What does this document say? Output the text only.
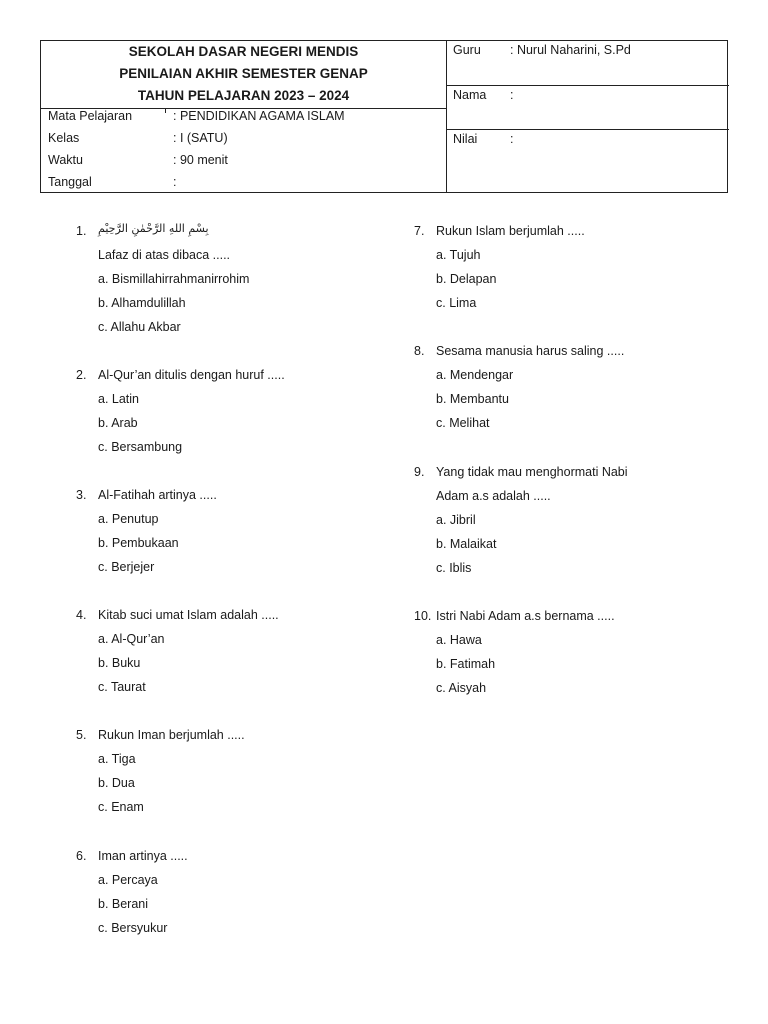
SEKOLAH DASAR NEGERI MENDIS
PENILAIAN AKHIR SEMESTER GENAP
TAHUN PELAJARAN 2023 – 2024
Mata Pelajaran	: PENDIDIKAN AGAMA ISLAM
Kelas	: I (SATU)
Waktu	: 90 menit
Tanggal	:
Guru : Nurul Naharini, S.Pd
Nama :
Nilai	:
1. بِسْمِ اللهِ الرَّحْمٰنِ الرَّحِيْمِ
Lafaz di atas dibaca .....
a. Bismillahirrahmanirrohim
b. Alhamdulillah
c. Allahu Akbar
2. Al-Qur’an ditulis dengan huruf .....
a. Latin
b. Arab
c. Bersambung
3. Al-Fatihah artinya .....
a. Penutup
b. Pembukaan
c. Berjejer
4. Kitab suci umat Islam adalah .....
a. Al-Qur’an
b. Buku
c. Taurat
5. Rukun Iman berjumlah .....
a. Tiga
b. Dua
c. Enam
6. Iman artinya .....
a. Percaya
b. Berani
c. Bersyukur
7. Rukun Islam berjumlah .....
a. Tujuh
b. Delapan
c. Lima
8. Sesama manusia harus saling .....
a. Mendengar
b. Membantu
c. Melihat
9. Yang tidak mau menghormati Nabi
Adam a.s adalah .....
a. Jibril
b. Malaikat
c. Iblis
10. Istri Nabi Adam a.s bernama .....
a. Hawa
b. Fatimah
c. Aisyah
